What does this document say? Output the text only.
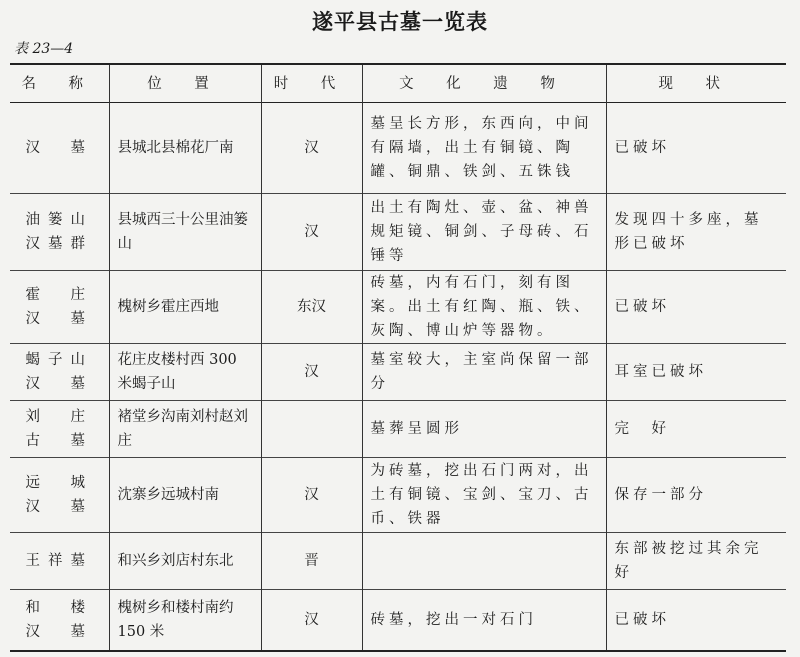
遂平县古墓一览表
表 23—4
名 称	位 置	时 代	文 化 遗 物	现 状
汉　墓	县城北县棉花厂南	汉	墓呈长方形，东西向，中间有隔墙，出土有铜镜、陶罐、铜鼎、铁剑、五铢钱	已破坏
油篓山汉墓群	县城西三十公里油篓山	汉	出土有陶灶、壶、盆、神兽规矩镜、铜剑、子母砖、石锤等	发现四十多座，墓形已破坏
霍　庄汉　墓	槐树乡霍庄西地	东汉	砖墓，内有石门，刻有图案。出土有红陶、瓶、铁、灰陶、博山炉等器物。	已破坏
蝎子山汉　墓	花庄皮楼村西 300 米蝎子山	汉	墓室较大，主室尚保留一部分	耳室已破坏
刘　庄古　墓	褚堂乡沟南刘村赵刘庄		墓葬呈圆形	完　好
远　城汉　墓	沈寨乡远城村南	汉	为砖墓，挖出石门两对，出土有铜镜、宝剑、宝刀、古币、铁器	保存一部分
王祥墓	和兴乡刘店村东北	晋		东部被挖过其余完好
和　楼汉　墓	槐树乡和楼村南约 150 米	汉	砖墓，挖出一对石门	已破坏
